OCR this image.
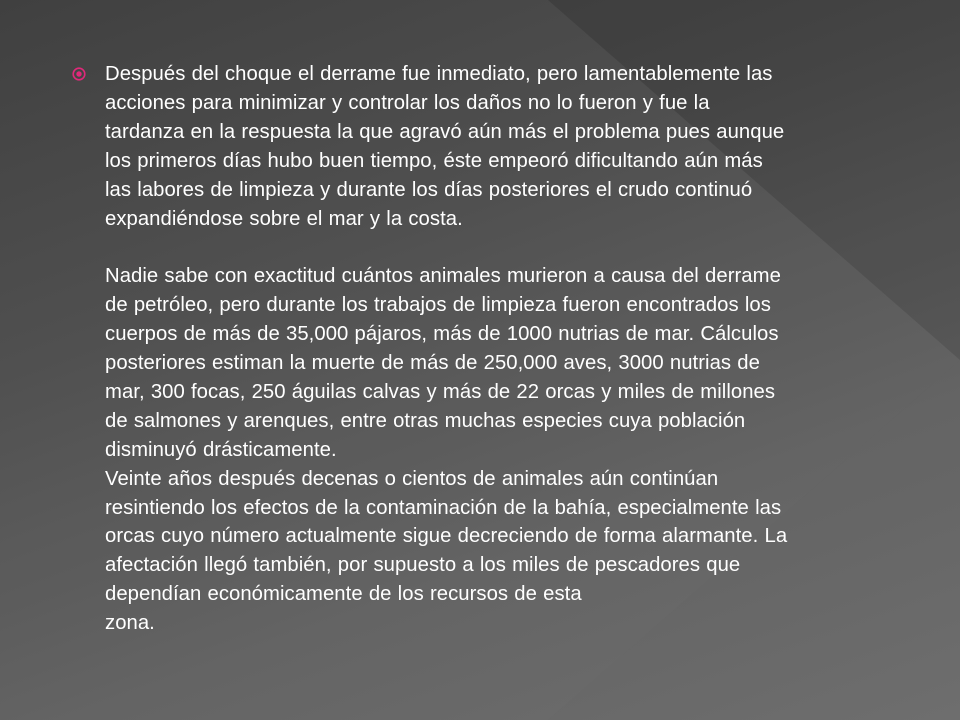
Después del choque el derrame fue inmediato, pero lamentablemente las
acciones para minimizar y controlar los daños no lo fueron y fue la
tardanza en la respuesta la que agravó aún más el problema pues aunque
los primeros días hubo buen tiempo, éste empeoró dificultando aún más
las labores de limpieza y durante los días posteriores el crudo continuó
expandiéndose sobre el mar y la costa.
Nadie sabe con exactitud cuántos animales murieron a causa del derrame
de petróleo, pero durante los trabajos de limpieza fueron encontrados los
cuerpos de más de 35,000 pájaros, más de 1000 nutrias de mar. Cálculos
posteriores estiman la muerte de más de 250,000 aves, 3000 nutrias de
mar, 300 focas, 250 águilas calvas y más de 22 orcas y miles de millones
de salmones y arenques, entre otras muchas especies cuya población
disminuyó drásticamente.
Veinte años después decenas o cientos de animales aún continúan
resintiendo los efectos de la contaminación de la bahía, especialmente las
orcas cuyo número actualmente sigue decreciendo de forma alarmante. La
afectación llegó también, por supuesto a los miles de pescadores que
dependían económicamente de los recursos de esta
zona.
